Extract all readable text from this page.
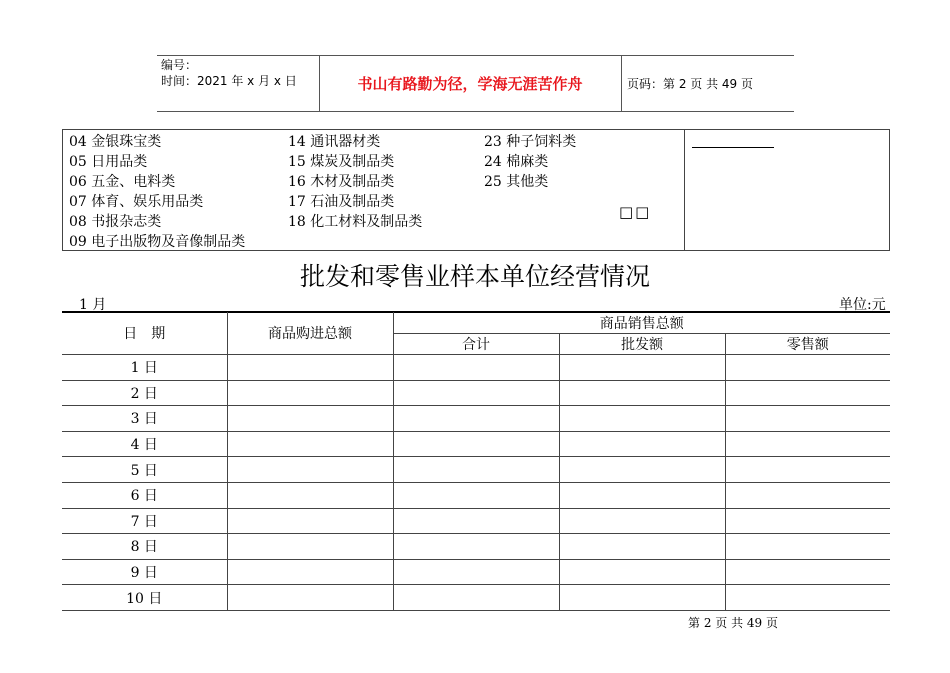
编号：
时间：2021 年 x 月 x 日	书山有路勤为径，学海无涯苦作舟	页码：第 2 页 共 49 页
04 金银珠宝类
05 日用品类
06 五金、电料类
07 体育、娱乐用品类
08 书报杂志类
09 电子出版物及音像制品类
14 通讯器材类
15 煤炭及制品类
16 木材及制品类
17 石油及制品类
18 化工材料及制品类
23 种子饲料类
24 棉麻类
25 其他类
□□
批发和零售业样本单位经营情况
1 月	单位:元
日　期	商品购进总额	商品销售总额		
		合计	批发额	零售额
1 日				
2 日				
3 日				
4 日				
5 日				
6 日				
7 日				
8 日				
9 日				
10 日				
第 2 页 共 49 页
